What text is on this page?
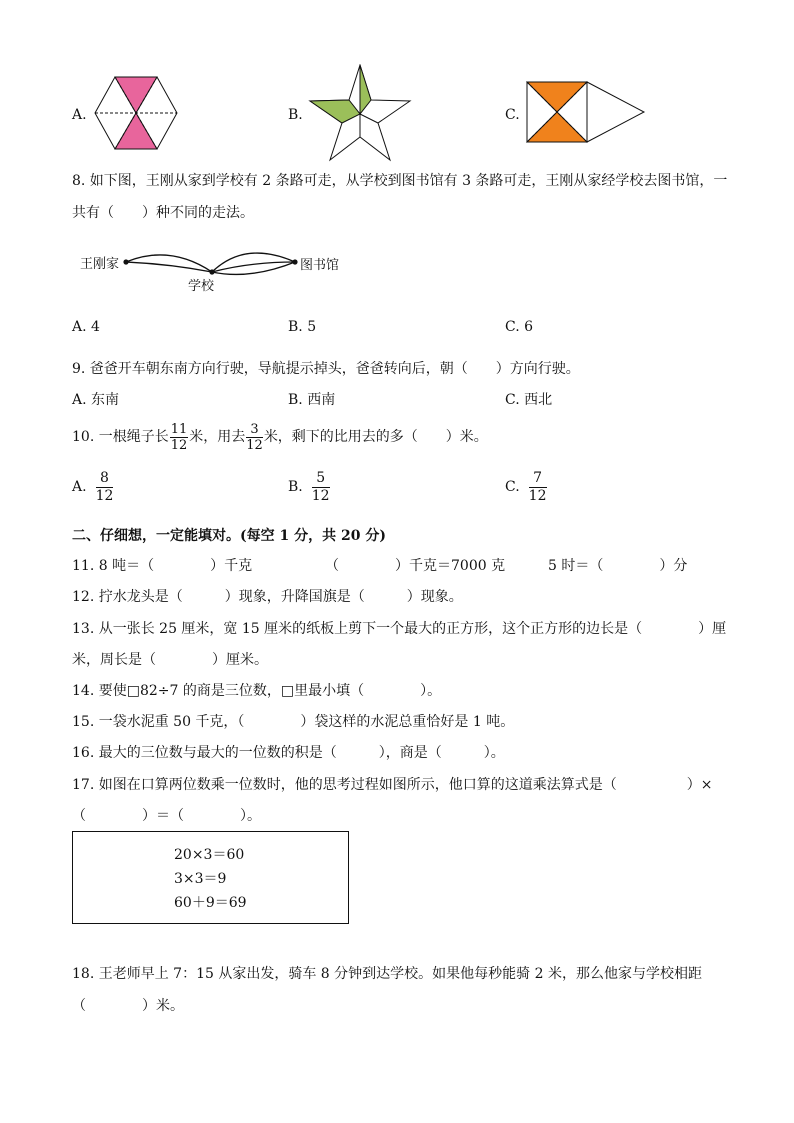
A.	B.	C.
8. 如下图，王刚从家到学校有 2 条路可走，从学校到图书馆有 3 条路可走，王刚从家经学校去图书馆，一
共有（　　）种不同的走法。
王刚家
学校
图书馆
A. 4	B. 5	C. 6
9. 爸爸开车朝东南方向行驶，导航提示掉头，爸爸转向后，朝（　　）方向行驶。
A. 东南	B. 西南	C. 西北
10. 一根绳子长 $\frac{11}{12}$ 米，用去 $\frac{3}{12}$ 米，剩下的比用去的多（　　）米。
A. $\frac{8}{12}$	B. $\frac{5}{12}$	C. $\frac{7}{12}$
二、仔细想，一定能填对。(每空 1 分，共 20 分)
11. 8 吨＝（　　　　）千克	（　　　　）千克＝7000 克	5 时＝（　　　　）分
12. 拧水龙头是（　　　）现象，升降国旗是（　　　）现象。
13. 从一张长 25 厘米，宽 15 厘米的纸板上剪下一个最大的正方形，这个正方形的边长是（　　　　）厘
米，周长是（　　　　）厘米。
14. 要使□82÷7 的商是三位数，□里最小填（　　　　）。
15. 一袋水泥重 50 千克，（　　　　）袋这样的水泥总重恰好是 1 吨。
16. 最大的三位数与最大的一位数的积是（　　　），商是（　　　）。
17. 如图在口算两位数乘一位数时，他的思考过程如图所示，他口算的这道乘法算式是（　　　　　）×
（　　　　）＝（　　　　）。
20×3＝60
3×3＝9
60＋9＝69
18. 王老师早上 7：15 从家出发，骑车 8 分钟到达学校。如果他每秒能骑 2 米，那么他家与学校相距
（　　　　）米。
